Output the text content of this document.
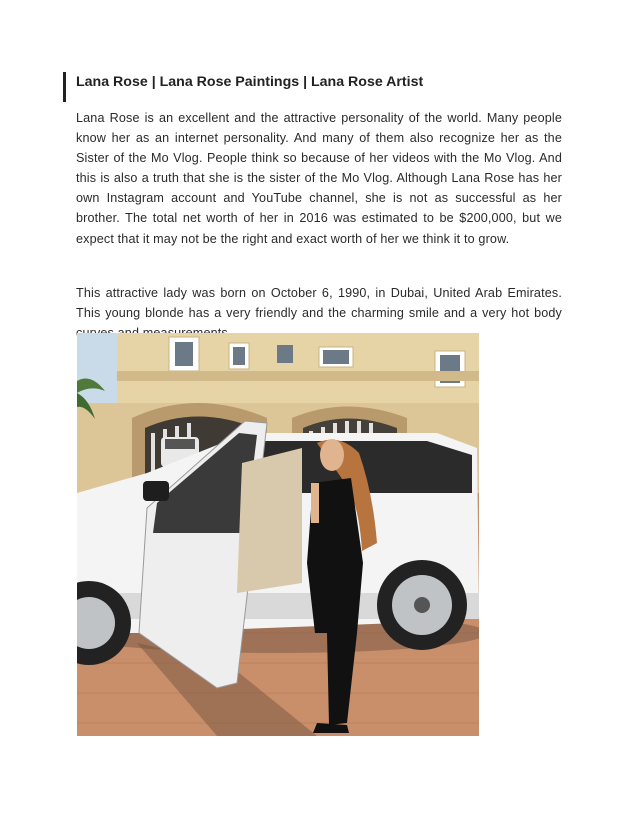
Lana Rose | Lana Rose Paintings | Lana Rose Artist
Lana Rose is an excellent and the attractive personality of the world. Many people know her as an internet personality. And many of them also recognize her as the Sister of the Mo Vlog. People think so because of her videos with the Mo Vlog. And this is also a truth that she is the sister of the Mo Vlog. Although Lana Rose has her own Instagram account and YouTube channel, she is not as successful as her brother. The total net worth of her in 2016 was estimated to be $200,000, but we expect that it may not be the right and exact worth of her we think it to grow.
This attractive lady was born on October 6, 1990, in Dubai, United Arab Emirates. This young blonde has a very friendly and the charming smile and a very hot body
